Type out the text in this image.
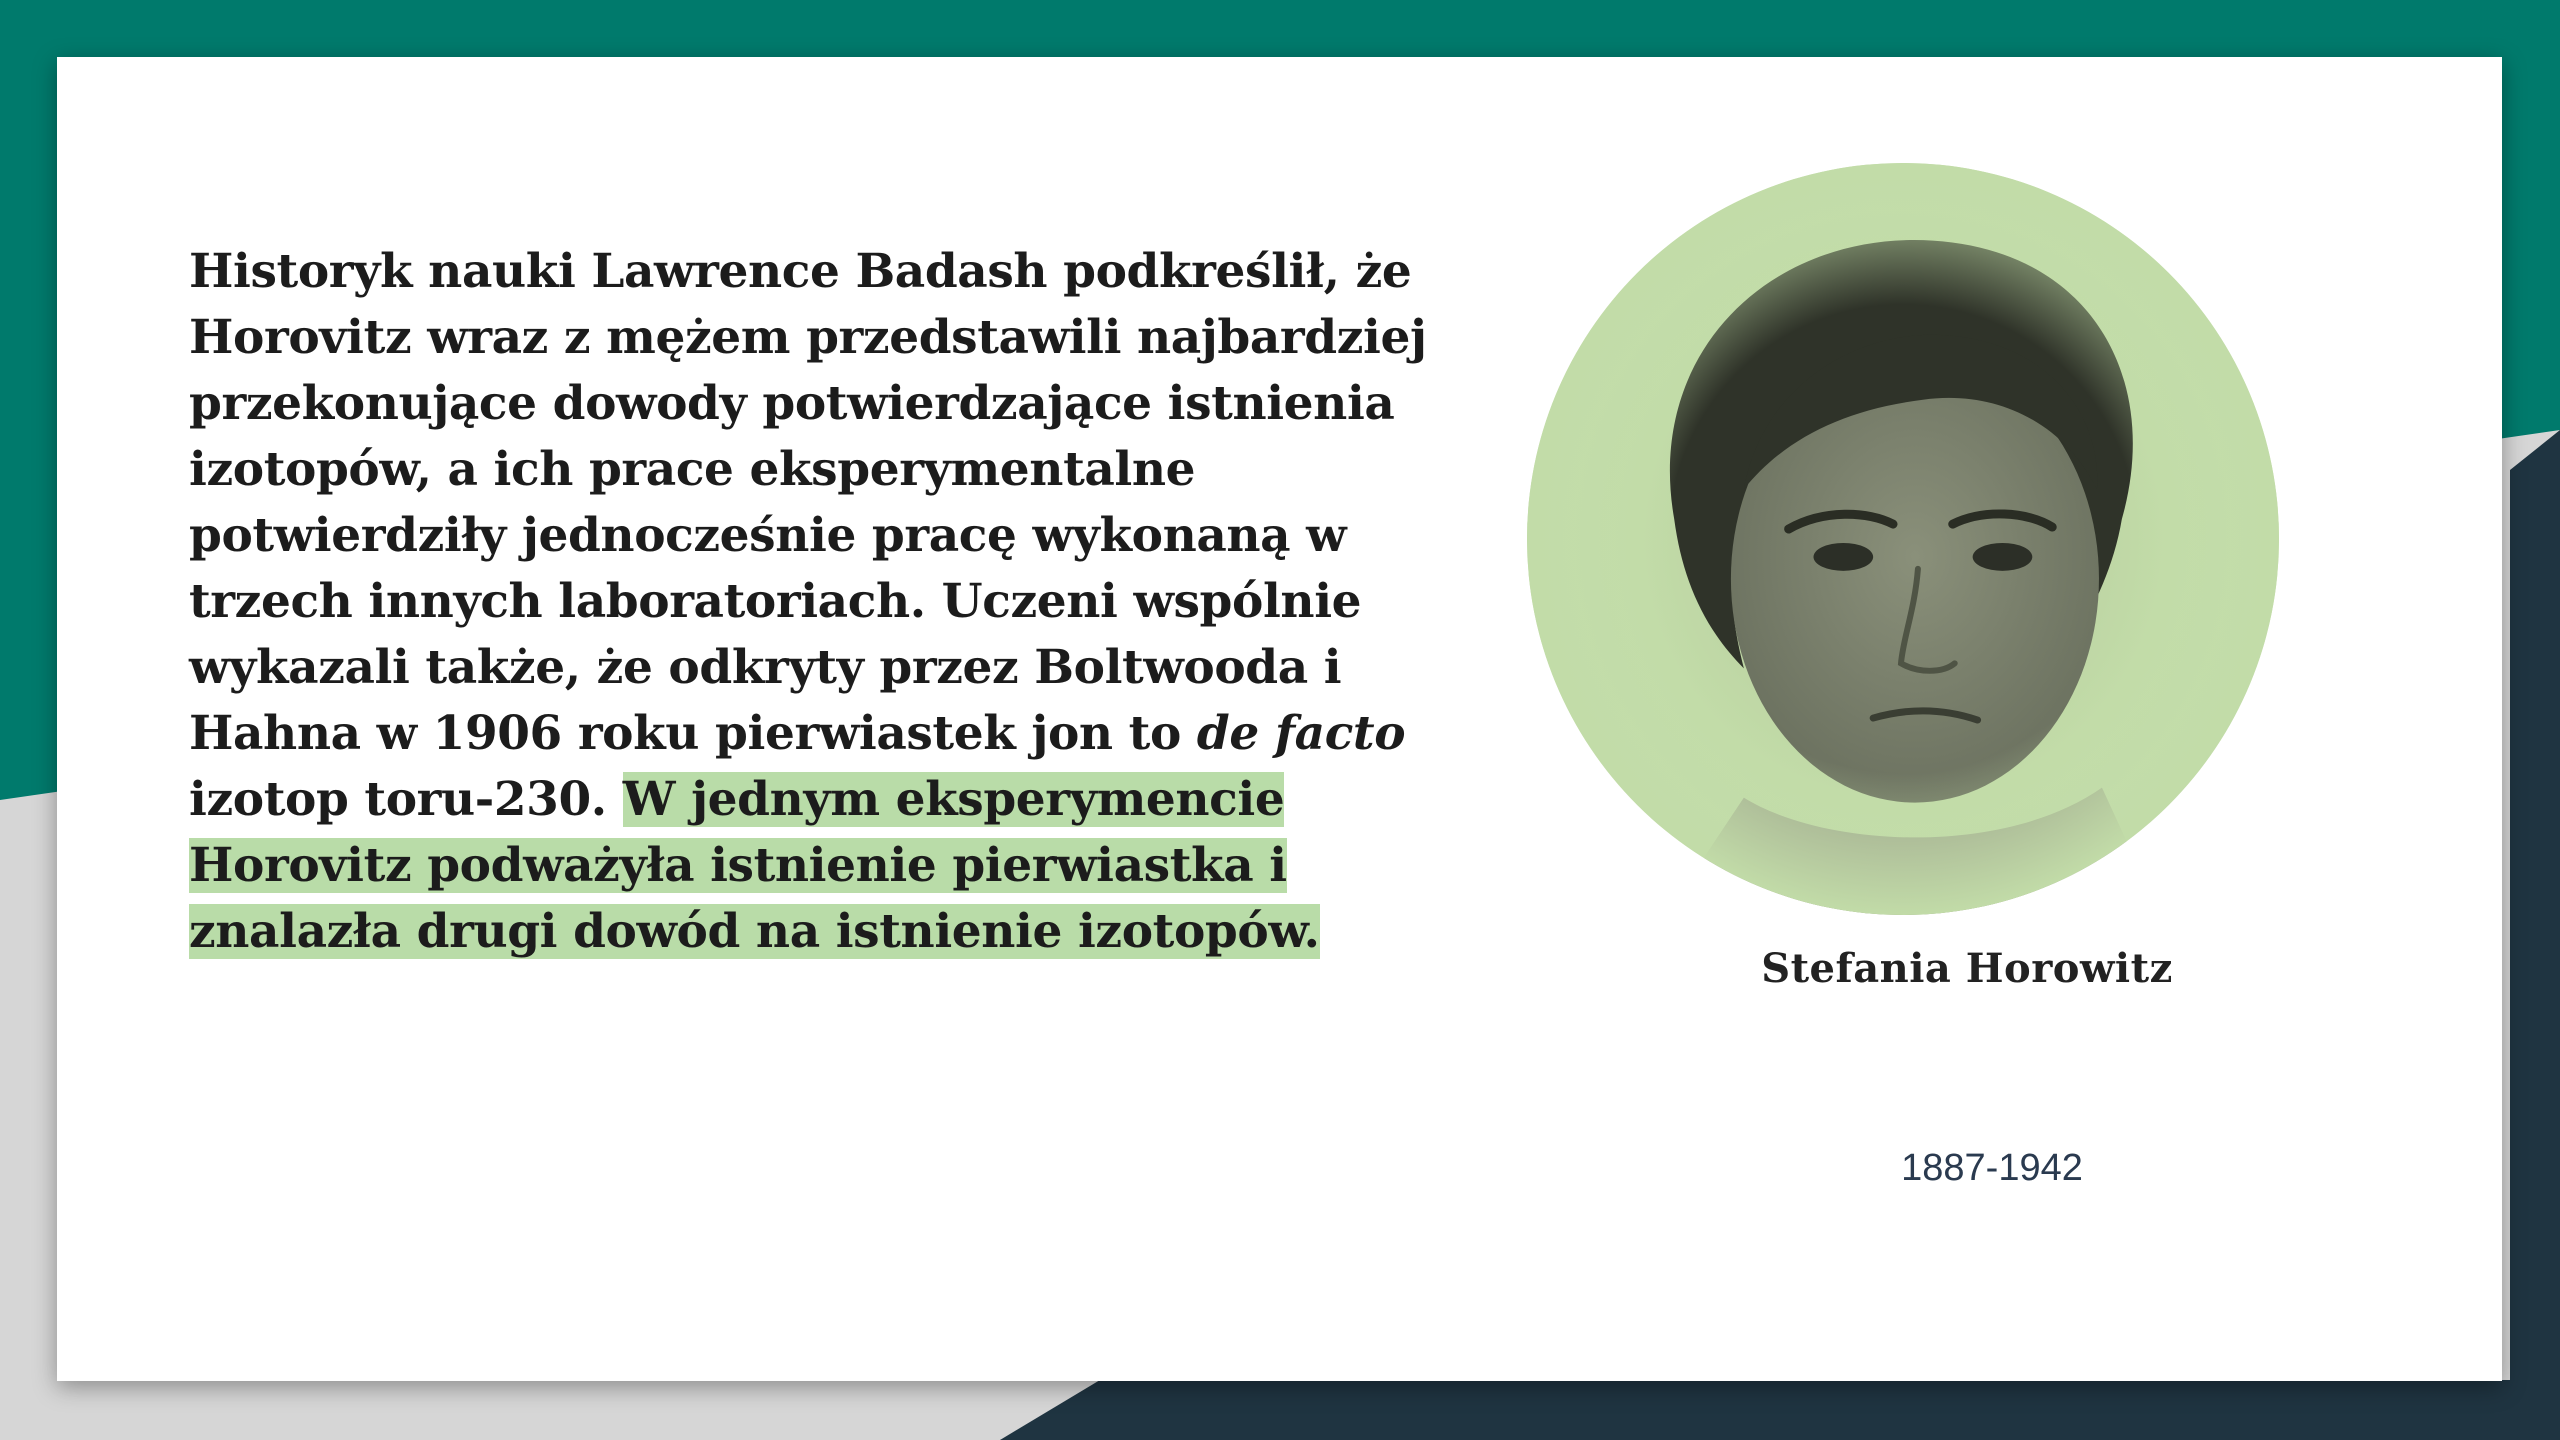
Historyk nauki Lawrence Badash podkreślił, że Horovitz wraz z mężem przedstawili najbardziej przekonujące dowody potwierdzające istnienia izotopów, a ich prace eksperymentalne potwierdziły jednocześnie pracę wykonaną w trzech innych laboratoriach. Uczeni wspólnie wykazali także, że odkryty przez Boltwooda i Hahna w 1906 roku pierwiastek jon to de facto izotop toru-230. W jednym eksperymencie Horovitz podważyła istnienie pierwiastka i znalazła drugi dowód na istnienie izotopów.

Stefania Horowitz
1887-1942
